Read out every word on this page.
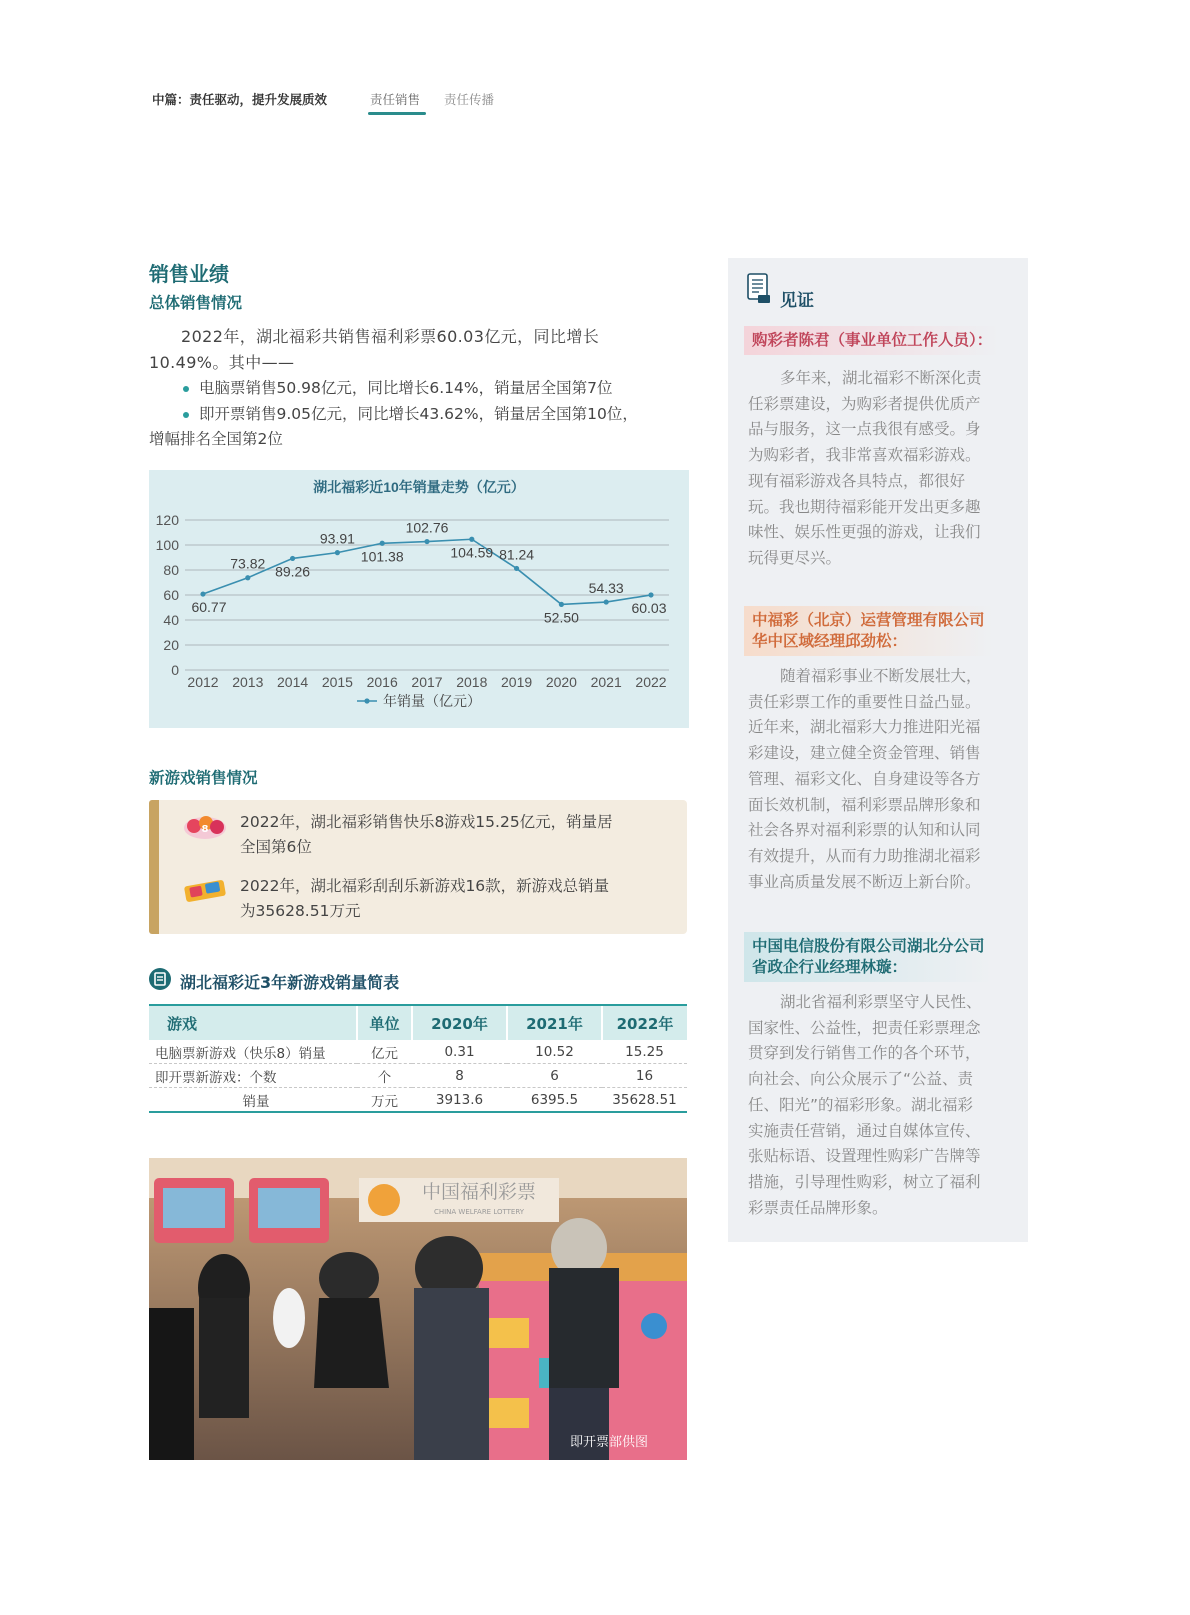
中篇：责任驱动，提升发展质效	责任销售 责任传播
销售业绩
总体销售情况
2022年，湖北福彩共销售福利彩票60.03亿元，同比增长
10.49%。其中——
电脑票销售50.98亿元，同比增长6.14%，销量居全国第7位
即开票销售9.05亿元，同比增长43.62%，销量居全国第10位，
增幅排名全国第2位
湖北福彩近10年销量走势（亿元）
0
20
40
60
80
100
120
2012 2013 2014 2015 2016 2017 2018 2019 2020 2021 2022
60.77
73.82 89.26
93.91
101.38
102.76
104.59 81.24
52.50
54.33
60.03
年销量（亿元）
新游戏销售情况
8 2022年，湖北福彩销售快乐8游戏15.25亿元，销量居
全国第6位
2022年，湖北福彩刮刮乐新游戏16款，新游戏总销量
为35628.51万元
湖北福彩近3年新游戏销量简表
游戏	单位	2020年	2021年	2022年
电脑票新游戏（快乐8）销量	亿元	0.31	10.52	15.25
即开票新游戏：个数	个	8	6	16
销量	万元	3913.6	6395.5	35628.51
中国福利彩票
CHINA WELFARE LOTTERY
即开票部供图
见证
购彩者陈君（事业单位工作人员）：
多年来，湖北福彩不断深化责
任彩票建设，为购彩者提供优质产
品与服务，这一点我很有感受。身
为购彩者，我非常喜欢福彩游戏。
现有福彩游戏各具特点，都很好
玩。我也期待福彩能开发出更多趣
味性、娱乐性更强的游戏，让我们
玩得更尽兴。
中福彩（北京）运营管理有限公司
华中区域经理邱劲松：
随着福彩事业不断发展壮大，
责任彩票工作的重要性日益凸显。
近年来，湖北福彩大力推进阳光福
彩建设，建立健全资金管理、销售
管理、福彩文化、自身建设等各方
面长效机制，福利彩票品牌形象和
社会各界对福利彩票的认知和认同
有效提升，从而有力助推湖北福彩
事业高质量发展不断迈上新台阶。
中国电信股份有限公司湖北分公司
省政企行业经理林璇：
湖北省福利彩票坚守人民性、
国家性、公益性，把责任彩票理念
贯穿到发行销售工作的各个环节，
向社会、向公众展示了“公益、责
任、阳光”的福彩形象。湖北福彩
实施责任营销，通过自媒体宣传、
张贴标语、设置理性购彩广告牌等
措施，引导理性购彩，树立了福利
彩票责任品牌形象。
